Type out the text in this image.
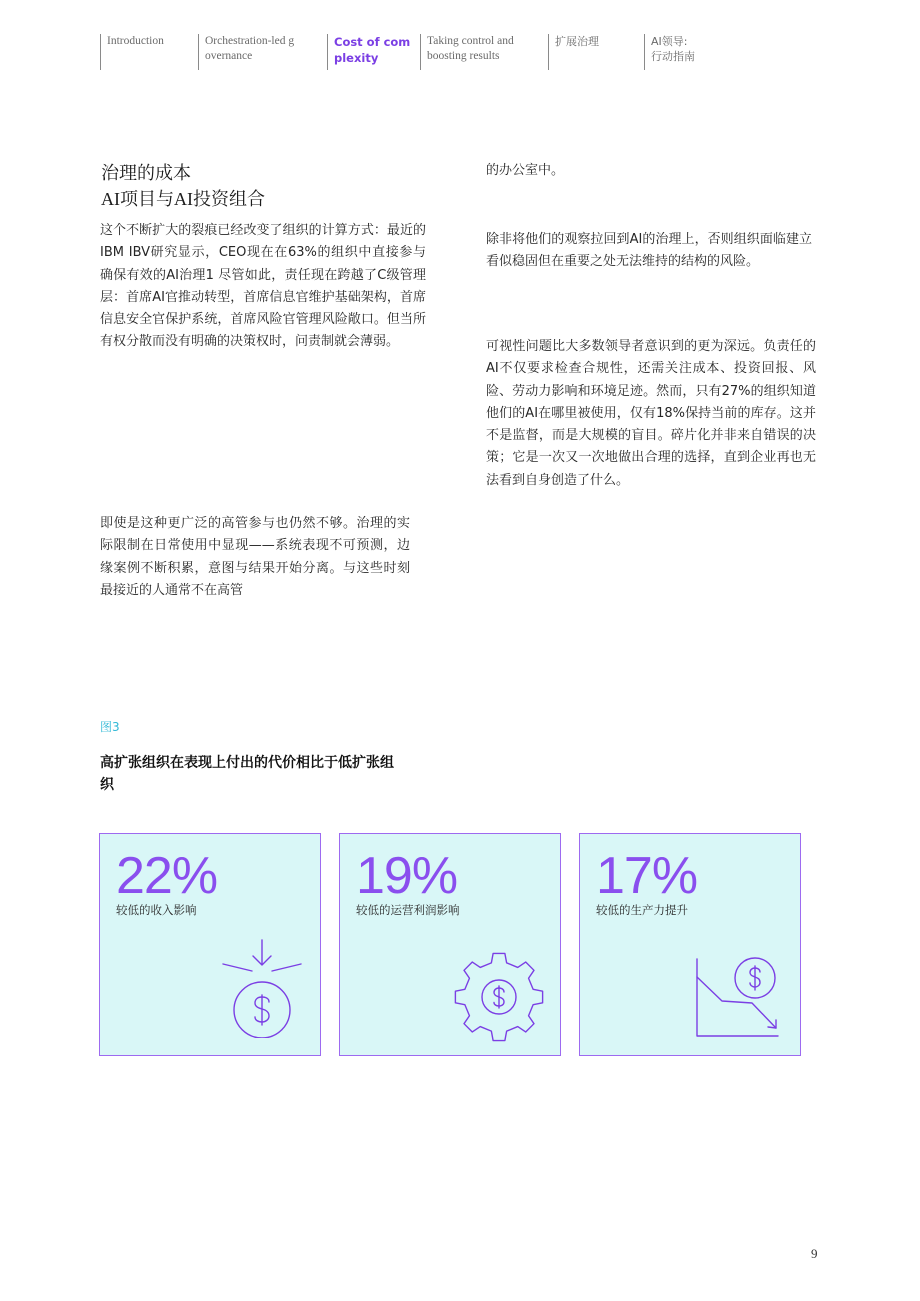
Introduction	Orchestration-led g
overnance
Cost of com
plexity
Taking control and
boosting results
扩展治理	AI领导:
行动指南
治理的成本
AI项目与AI投资组合

这个不断扩大的裂痕已经改变了组织的计算方式：最近的IBM IBV研究显示，CEO现在在63%的组织中直接参与确保有效的AI治理1 尽管如此，责任现在跨越了C级管理层：首席AI官推动转型，首席信息官维护基础架构，首席信息安全官保护系统，首席风险官管理风险敞口。但当所有权分散而没有明确的决策权时，问责制就会薄弱。

即使是这种更广泛的高管参与也仍然不够。治理的实际限制在日常使用中显现——系统表现不可预测，边缘案例不断积累，意图与结果开始分离。与这些时刻最接近的人通常不在高管

的办公室中。

除非将他们的观察拉回到AI的治理上，否则组织面临建立看似稳固但在重要之处无法维持的结构的风险。

可视性问题比大多数领导者意识到的更为深远。负责任的AI不仅要求检查合规性，还需关注成本、投资回报、风险、劳动力影响和环境足迹。然而，只有27%的组织知道他们的AI在哪里被使用，仅有18%保持当前的库存。这并不是监督，而是大规模的盲目。碎片化并非来自错误的决策；它是一次又一次地做出合理的选择，直到企业再也无法看到自身创造了什么。

图3
高扩张组织在表现上付出的代价相比于低扩张组织
22%
较低的收入影响
19%
较低的运营利润影响
17%
较低的生产力提升
9
